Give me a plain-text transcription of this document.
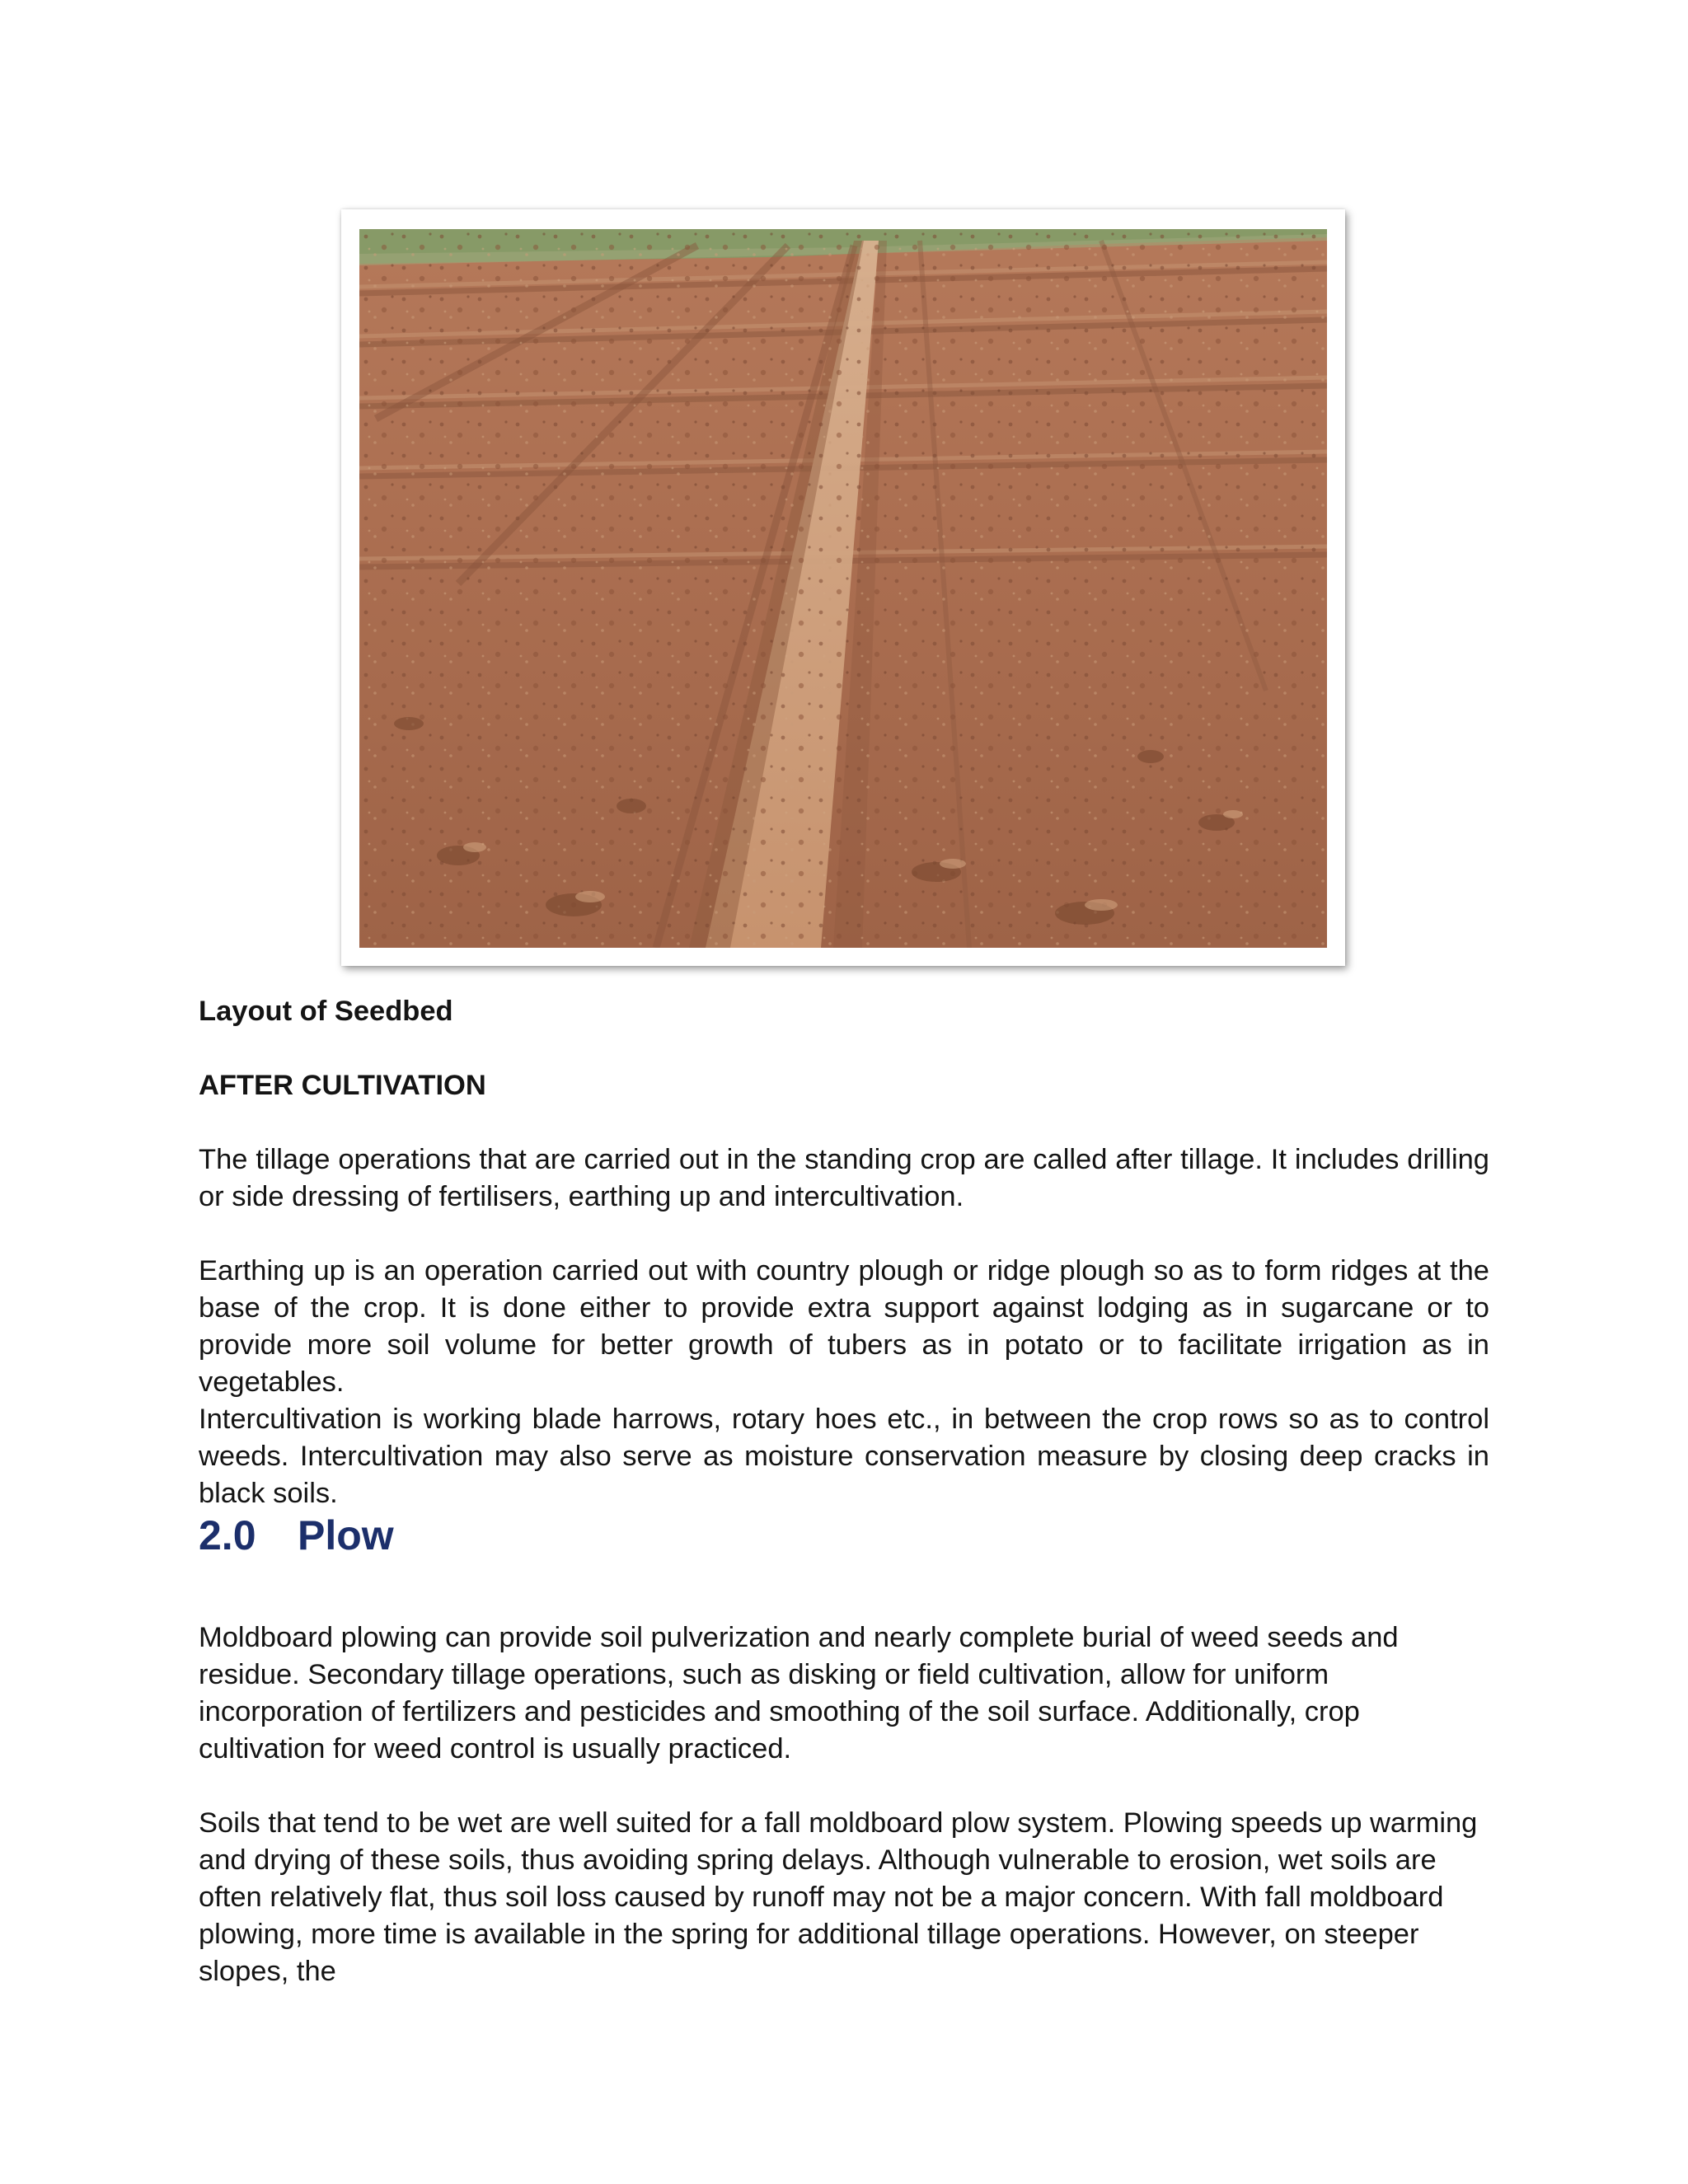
Layout of Seedbed

AFTER CULTIVATION

The tillage operations that are carried out in the standing crop are called after tillage. It includes drilling or side dressing of fertilisers, earthing up and intercultivation.

Earthing up is an operation carried out with country plough or ridge plough so as to form ridges at the base of the crop. It is done either to provide extra support against lodging as in sugarcane or to provide more soil volume for better growth of tubers as in potato or to facilitate irrigation as in vegetables.

Intercultivation is working blade harrows, rotary hoes etc., in between the crop rows so as to control weeds. Intercultivation may also serve as moisture conservation measure by closing deep cracks in black soils.

2.0 Plow

Moldboard plowing can provide soil pulverization and nearly complete burial of weed seeds and residue. Secondary tillage operations, such as disking or field cultivation, allow for uniform incorporation of fertilizers and pesticides and smoothing of the soil surface. Additionally, crop cultivation for weed control is usually practiced.

Soils that tend to be wet are well suited for a fall moldboard plow system. Plowing speeds up warming and drying of these soils, thus avoiding spring delays. Although vulnerable to erosion, wet soils are often relatively flat, thus soil loss caused by runoff may not be a major concern. With fall moldboard plowing, more time is available in the spring for additional tillage operations. However, on steeper slopes, the
